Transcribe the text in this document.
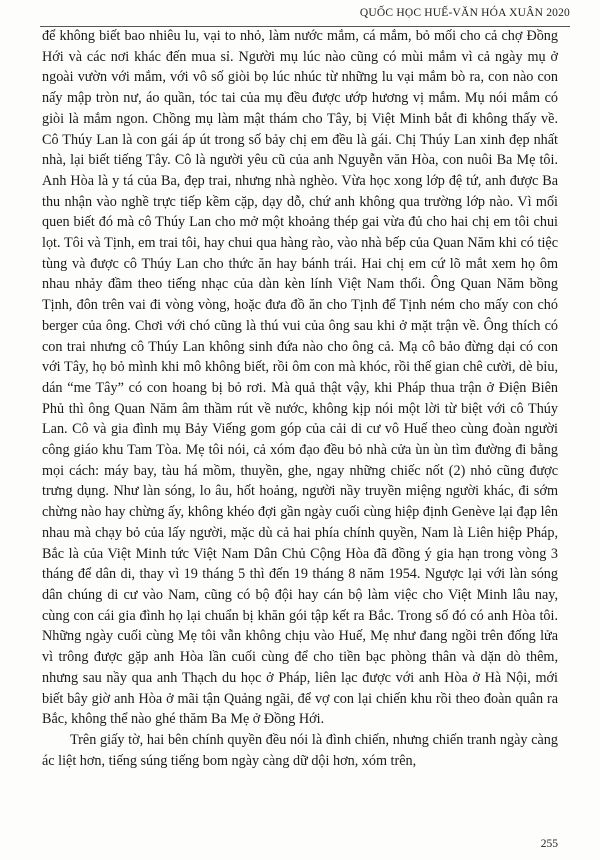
QUỐC HỌC HUẾ-VĂN HÓA XUÂN 2020

để không biết bao nhiêu lu, vại to nhỏ, làm nước mắm, cá mắm, bỏ mối cho cả chợ Đồng Hới và các nơi khác đến mua sỉ. Người mụ lúc nào cũng có mùi mắm vì cả ngày mụ ở ngoài vườn với mắm, với vô số giòi bọ lúc nhúc từ những lu vại mắm bò ra, con nào con nấy mập tròn nư, áo quần, tóc tai của mụ đều được ướp hương vị mắm. Mụ nói mắm có giòi là mắm ngon. Chồng mụ làm mật thám cho Tây, bị Việt Minh bắt đi không thấy về. Cô Thúy Lan là con gái áp út trong số bảy chị em đều là gái. Chị Thúy Lan xinh đẹp nhất nhà, lại biết tiếng Tây. Cô là người yêu cũ của anh Nguyễn văn Hòa, con nuôi Ba Mẹ tôi. Anh Hòa là y tá của Ba, đẹp trai, nhưng nhà nghèo. Vừa học xong lớp đệ tứ, anh được Ba thu nhận vào nghề trực tiếp kềm cặp, dạy dỗ, chứ anh không qua trường lớp nào. Vì mối quen biết đó mà cô Thúy Lan cho mở một khoảng thép gai vừa đủ cho hai chị em tôi chui lọt. Tôi và Tịnh, em trai tôi, hay chui qua hàng rào, vào nhà bếp của Quan Năm khi có tiệc tùng và được cô Thúy Lan cho thức ăn hay bánh trái. Hai chị em cứ lõ mắt xem họ ôm nhau nhảy đầm theo tiếng nhạc của dàn kèn lính Việt Nam thổi. Ông Quan Năm bồng Tịnh, đôn trên vai đi vòng vòng, hoặc đưa đồ ăn cho Tịnh để Tịnh ném cho mấy con chó berger của ông. Chơi với chó cũng là thú vui của ông sau khi ở mặt trận về. Ông thích có con trai nhưng cô Thúy Lan không sinh đứa nào cho ông cả. Mạ cô bảo đừng dại có con với Tây, họ bỏ mình khi mô không biết, rồi ôm con mà khóc, rồi thế gian chê cười, dè bỉu, dán “me Tây” có con hoang bị bỏ rơi. Mà quả thật vậy, khi Pháp thua trận ở Điện Biên Phủ thì ông Quan Năm âm thầm rút về nước, không kịp nói một lời từ biệt với cô Thúy Lan. Cô và gia đình mụ Bảy Viếng gom góp của cải di cư vô Huế theo cùng đoàn người công giáo khu Tam Tòa. Mẹ tôi nói, cả xóm đạo đều bỏ nhà cửa ùn ùn tìm đường đi bằng mọi cách: máy bay, tàu há mồm, thuyền, ghe, ngay những chiếc nốt (2) nhỏ cũng được trưng dụng. Như làn sóng, lo âu, hốt hoảng, người nầy truyền miệng người khác, đi sớm chừng nào hay chừng ấy, không khéo đợi gần ngày cuối cùng hiệp định Genève lại đạp lên nhau mà chạy bỏ của lấy người, mặc dù cả hai phía chính quyền, Nam là Liên hiệp Pháp, Bắc là của Việt Minh tức Việt Nam Dân Chủ Cộng Hòa đã đồng ý gia hạn trong vòng 3 tháng để dân di, thay vì 19 tháng 5 thì đến 19 tháng 8 năm 1954. Ngược lại với làn sóng dân chúng di cư vào Nam, cũng có bộ đội hay cán bộ làm việc cho Việt Minh lâu nay, cùng con cái gia đình họ lại chuẩn bị khăn gói tập kết ra Bắc. Trong số đó có anh Hòa tôi. Những ngày cuối cùng Mẹ tôi vẫn không chịu vào Huế, Mẹ như đang ngồi trên đống lửa vì trông được gặp anh Hòa lần cuối cùng để cho tiền bạc phòng thân và dặn dò thêm, nhưng sau nầy qua anh Thạch du học ở Pháp, liên lạc được với anh Hòa ở Hà Nội, mới biết bây giờ anh Hòa ở mãi tận Quảng ngãi, để vợ con lại chiến khu rồi theo đoàn quân ra Bắc, không thể nào ghé thăm Ba Mẹ ở Đồng Hới.

Trên giấy tờ, hai bên chính quyền đều nói là đình chiến, nhưng chiến tranh ngày càng ác liệt hơn, tiếng súng tiếng bom ngày càng dữ dội hơn, xóm trên,

255
